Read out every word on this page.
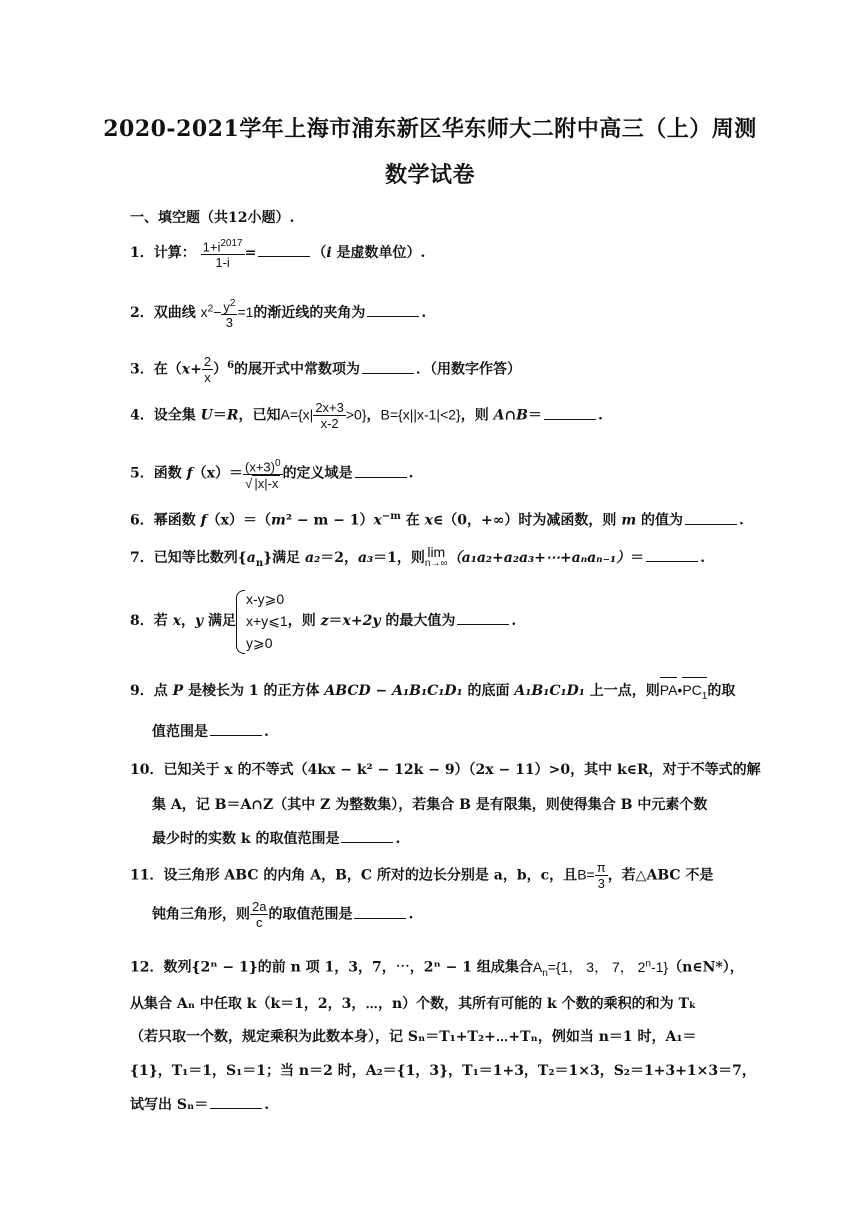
2020-2021学年上海市浦东新区华东师大二附中高三（上）周测
数学试卷
一、填空题（共12小题）.
1．计算： $\frac{1+i^{2017}}{1-i}$ =	（i 是虚数单位）.
2．双曲线 $x^2- \frac{y^2}{3} =1$的渐近线的夹角为	.
3．在$(x+ \frac{2}{x} )^6$的展开式中常数项为	．（用数字作答）
4．设全集 U＝R，已知$A=\{x| \frac{2x+3}{x-2} >0\}$，B={x||x-1|<2}，则 A∩B＝	.
5．函数 $f(x)= \frac{(x+3)^0}{√ |x|-x}$ 的定义域是	.
6．幂函数 $f(x)=(m^2 - m - 1)x^{-m}$ 在 x∈（0，+∞）时为减函数，则 m 的值为	.
7．已知等比数列$\{a_n\}$满足 a₂＝2，a₃＝1，则 lim
n→∞ （a₁a₂+a₂a₃+⋯+aₙaₙ₋₁）＝	.
8．若 x，y 满足
x-y⩾0
x+y⩽1
y⩾0
，则 z＝x+2y 的最大值为	.
9．点 P 是棱长为 1 的正方体 ABCD − A₁B₁C₁D₁ 的底面 A₁B₁C₁D₁ 上一点，则$PA•PC_1$的取
值范围是	.
10．已知关于 x 的不等式（4kx − k² − 12k − 9）（2x − 11）>0，其中 k∈R，对于不等式的解
集 A，记 B＝A∩Z（其中 Z 为整数集），若集合 B 是有限集，则使得集合 B 中元素个数
最少时的实数 k 的取值范围是	.
11．设三角形 ABC 的内角 A，B，C 所对的边长分别是 a，b，c，且$B= \frac{\pi}{3}$ ，若△ABC 不是
钝角三角形，则 $\frac{2a}{c}$ 的取值范围是	.
12．数列{2ⁿ − 1}的前 n 项 1，3，7，⋯，2ⁿ − 1 组成集合$A_n=\{1$， 3， 7， 2$^n$-1}（n∈N*），
从集合 Aₙ 中任取 k（k＝1，2，3，⋯，n）个数，其所有可能的 k 个数的乘积的和为 Tₖ
（若只取一个数，规定乘积为此数本身），记 Sₙ＝T₁+T₂+⋯+Tₙ，例如当 n＝1 时，A₁＝
{1}，T₁＝1，S₁＝1；当 n＝2 时，A₂＝{1，3}，T₁＝1+3，T₂＝1×3，S₂＝1+3+1×3＝7，
试写出 Sₙ＝	.
